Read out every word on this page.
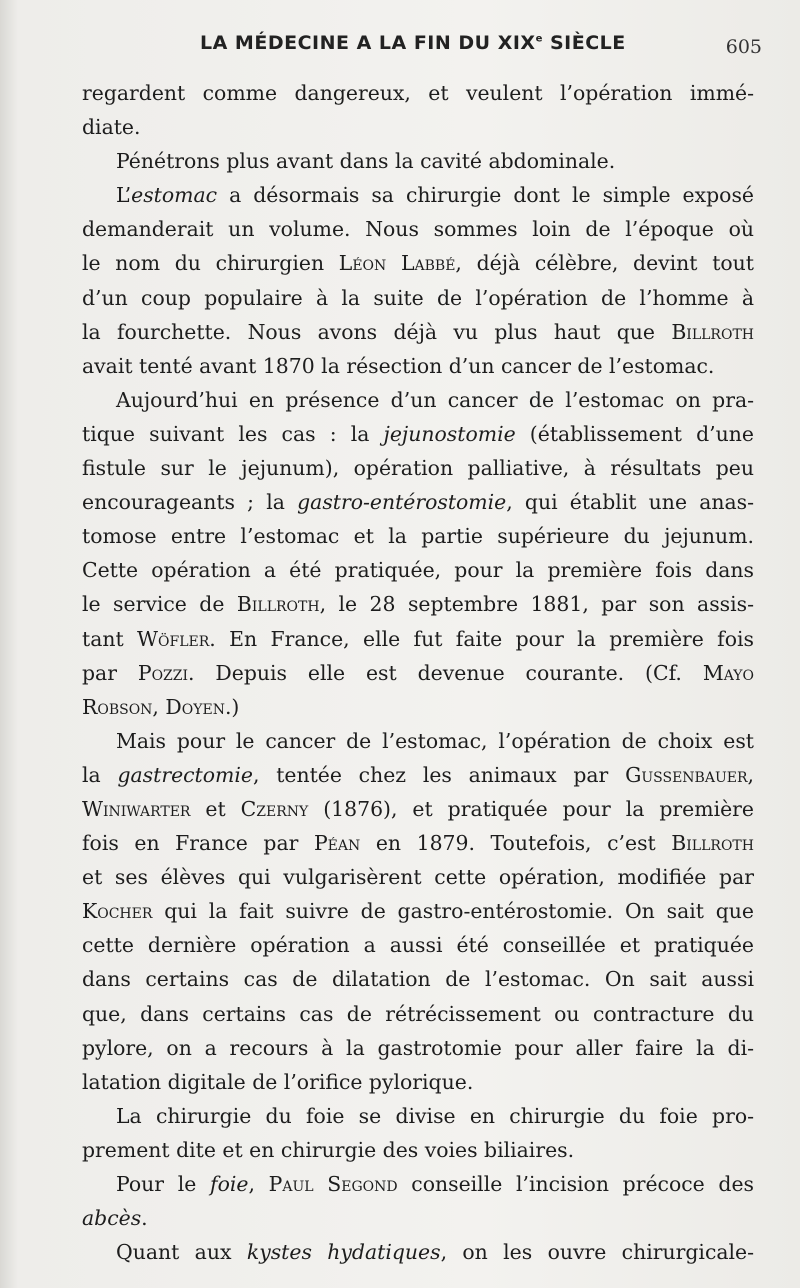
LA MÉDECINE A LA FIN DU XIXe SIÈCLE	605
regardent comme dangereux, et veulent l’opération immé-
diate.
Pénétrons plus avant dans la cavité abdominale.
L’estomac a désormais sa chirurgie dont le simple exposé
demanderait un volume. Nous sommes loin de l’époque où
le nom du chirurgien Léon Labbé, déjà célèbre, devint tout
d’un coup populaire à la suite de l’opération de l’homme à
la fourchette. Nous avons déjà vu plus haut que Billroth
avait tenté avant 1870 la résection d’un cancer de l’estomac.
Aujourd’hui en présence d’un cancer de l’estomac on pra-
tique suivant les cas : la jejunostomie (établissement d’une
fistule sur le jejunum), opération palliative, à résultats peu
encourageants ; la gastro-entérostomie, qui établit une anas-
tomose entre l’estomac et la partie supérieure du jejunum.
Cette opération a été pratiquée, pour la première fois dans
le service de Billroth, le 28 septembre 1881, par son assis-
tant Wöfler. En France, elle fut faite pour la première fois
par Pozzi. Depuis elle est devenue courante. (Cf. Mayo
Robson, Doyen.)
Mais pour le cancer de l’estomac, l’opération de choix est
la gastrectomie, tentée chez les animaux par Gussenbauer,
Winiwarter et Czerny (1876), et pratiquée pour la première
fois en France par Péan en 1879. Toutefois, c’est Billroth
et ses élèves qui vulgarisèrent cette opération, modifiée par
Kocher qui la fait suivre de gastro-entérostomie. On sait que
cette dernière opération a aussi été conseillée et pratiquée
dans certains cas de dilatation de l’estomac. On sait aussi
que, dans certains cas de rétrécissement ou contracture du
pylore, on a recours à la gastrotomie pour aller faire la di-
latation digitale de l’orifice pylorique.
La chirurgie du foie se divise en chirurgie du foie pro-
prement dite et en chirurgie des voies biliaires.
Pour le foie, Paul Segond conseille l’incision précoce des
abcès.
Quant aux kystes hydatiques, on les ouvre chirurgicale-
